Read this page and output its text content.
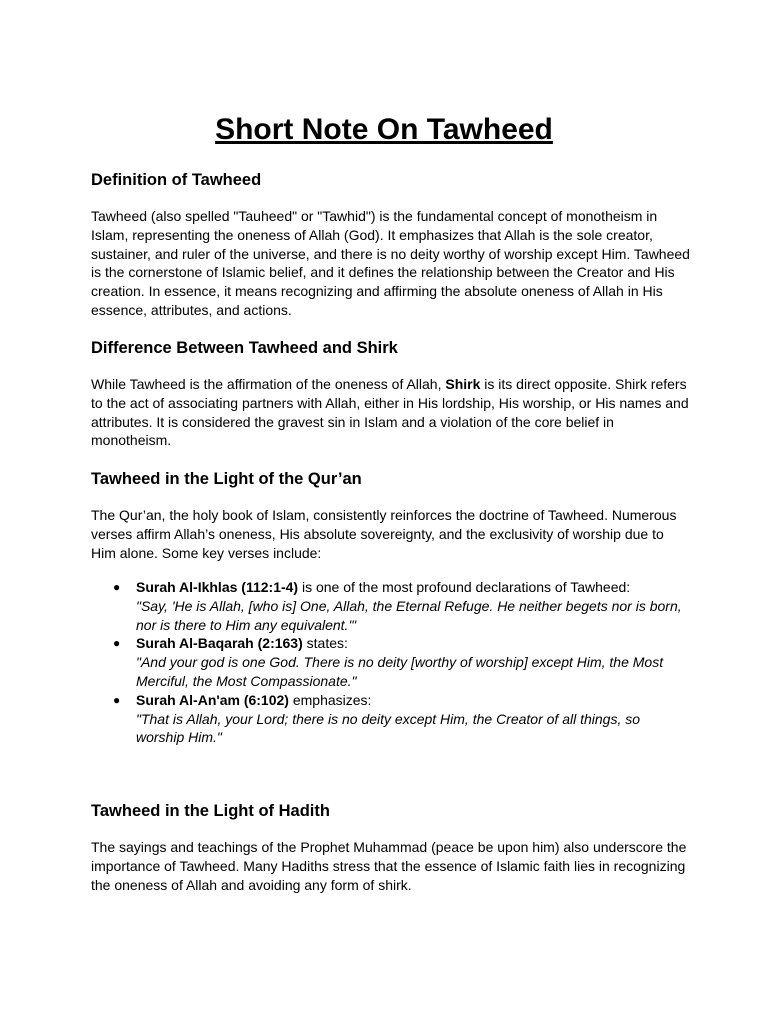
Short Note On Tawheed
Definition of Tawheed

Tawheed (also spelled "Tauheed" or "Tawhid") is the fundamental concept of monotheism in Islam, representing the oneness of Allah (God). It emphasizes that Allah is the sole creator, sustainer, and ruler of the universe, and there is no deity worthy of worship except Him. Tawheed is the cornerstone of Islamic belief, and it defines the relationship between the Creator and His creation. In essence, it means recognizing and affirming the absolute oneness of Allah in His essence, attributes, and actions.

Difference Between Tawheed and Shirk

While Tawheed is the affirmation of the oneness of Allah, Shirk is its direct opposite. Shirk refers to the act of associating partners with Allah, either in His lordship, His worship, or His names and attributes. It is considered the gravest sin in Islam and a violation of the core belief in monotheism.

Tawheed in the Light of the Qur’an

The Qur’an, the holy book of Islam, consistently reinforces the doctrine of Tawheed. Numerous verses affirm Allah’s oneness, His absolute sovereignty, and the exclusivity of worship due to Him alone. Some key verses include:

● Surah Al-Ikhlas (112:1-4) is one of the most profound declarations of Tawheed:
"Say, 'He is Allah, [who is] One, Allah, the Eternal Refuge. He neither begets nor is born, nor is there to Him any equivalent.'"
● Surah Al-Baqarah (2:163) states:
"And your god is one God. There is no deity [worthy of worship] except Him, the Most Merciful, the Most Compassionate."
● Surah Al-An'am (6:102) emphasizes:
"That is Allah, your Lord; there is no deity except Him, the Creator of all things, so worship Him."
Tawheed in the Light of Hadith

The sayings and teachings of the Prophet Muhammad (peace be upon him) also underscore the importance of Tawheed. Many Hadiths stress that the essence of Islamic faith lies in recognizing the oneness of Allah and avoiding any form of shirk.
